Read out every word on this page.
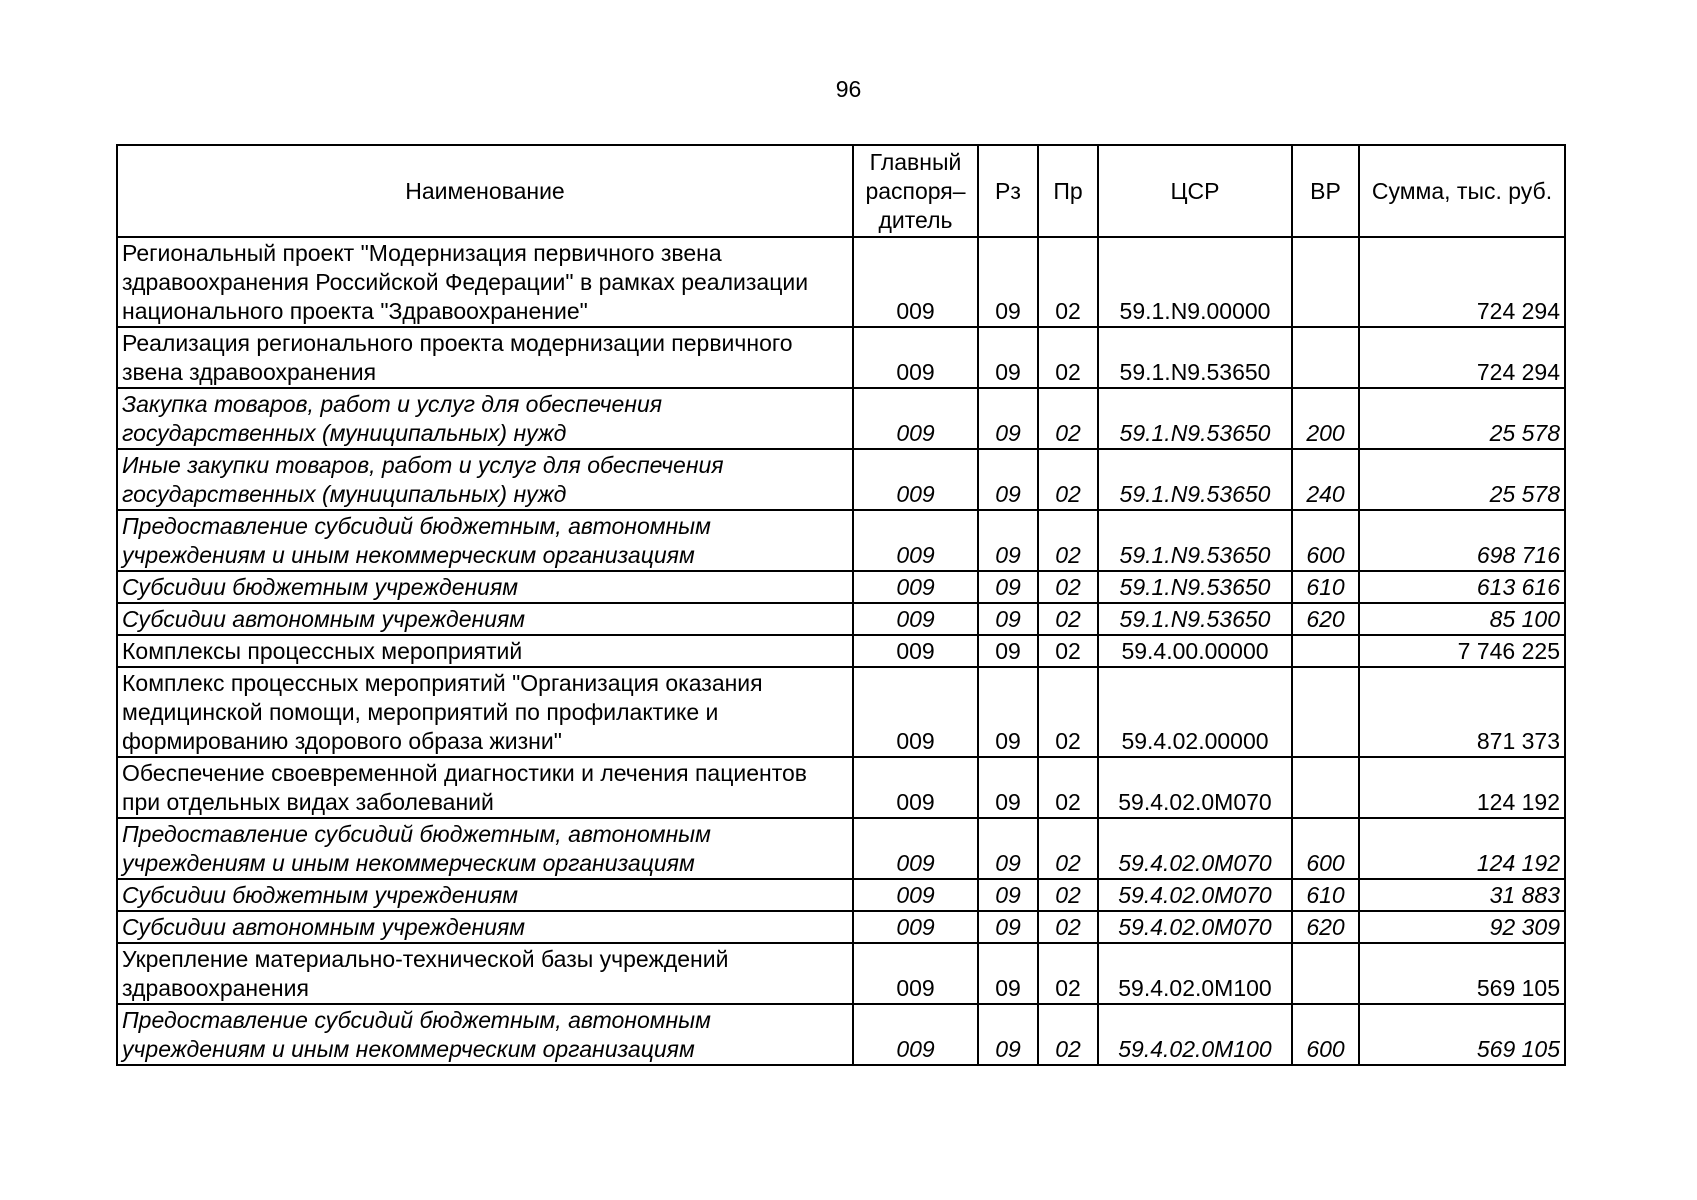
96
Наименование	Главный распоря– дитель	Рз	Пр	ЦСР	ВР	Сумма, тыс. руб.
Региональный проект "Модернизация первичного звена здравоохранения Российской Федерации" в рамках реализации национального проекта "Здравоохранение"	009	09	02	59.1.N9.00000		724 294
Реализация регионального проекта модернизации первичного звена здравоохранения	009	09	02	59.1.N9.53650		724 294
Закупка товаров, работ и услуг для обеспечения государственных (муниципальных) нужд	009	09	02	59.1.N9.53650	200	25 578
Иные закупки товаров, работ и услуг для обеспечения государственных (муниципальных) нужд	009	09	02	59.1.N9.53650	240	25 578
Предоставление субсидий бюджетным, автономным учреждениям и иным некоммерческим организациям	009	09	02	59.1.N9.53650	600	698 716
Субсидии бюджетным учреждениям	009	09	02	59.1.N9.53650	610	613 616
Субсидии автономным учреждениям	009	09	02	59.1.N9.53650	620	85 100
Комплексы процессных мероприятий	009	09	02	59.4.00.00000		7 746 225
Комплекс процессных мероприятий "Организация оказания медицинской помощи, мероприятий по профилактике и формированию здорового образа жизни"	009	09	02	59.4.02.00000		871 373
Обеспечение своевременной диагностики и лечения пациентов при отдельных видах заболеваний	009	09	02	59.4.02.0М070		124 192
Предоставление субсидий бюджетным, автономным учреждениям и иным некоммерческим организациям	009	09	02	59.4.02.0М070	600	124 192
Субсидии бюджетным учреждениям	009	09	02	59.4.02.0М070	610	31 883
Субсидии автономным учреждениям	009	09	02	59.4.02.0М070	620	92 309
Укрепление материально-технической базы учреждений здравоохранения	009	09	02	59.4.02.0М100		569 105
Предоставление субсидий бюджетным, автономным учреждениям и иным некоммерческим организациям	009	09	02	59.4.02.0М100	600	569 105
